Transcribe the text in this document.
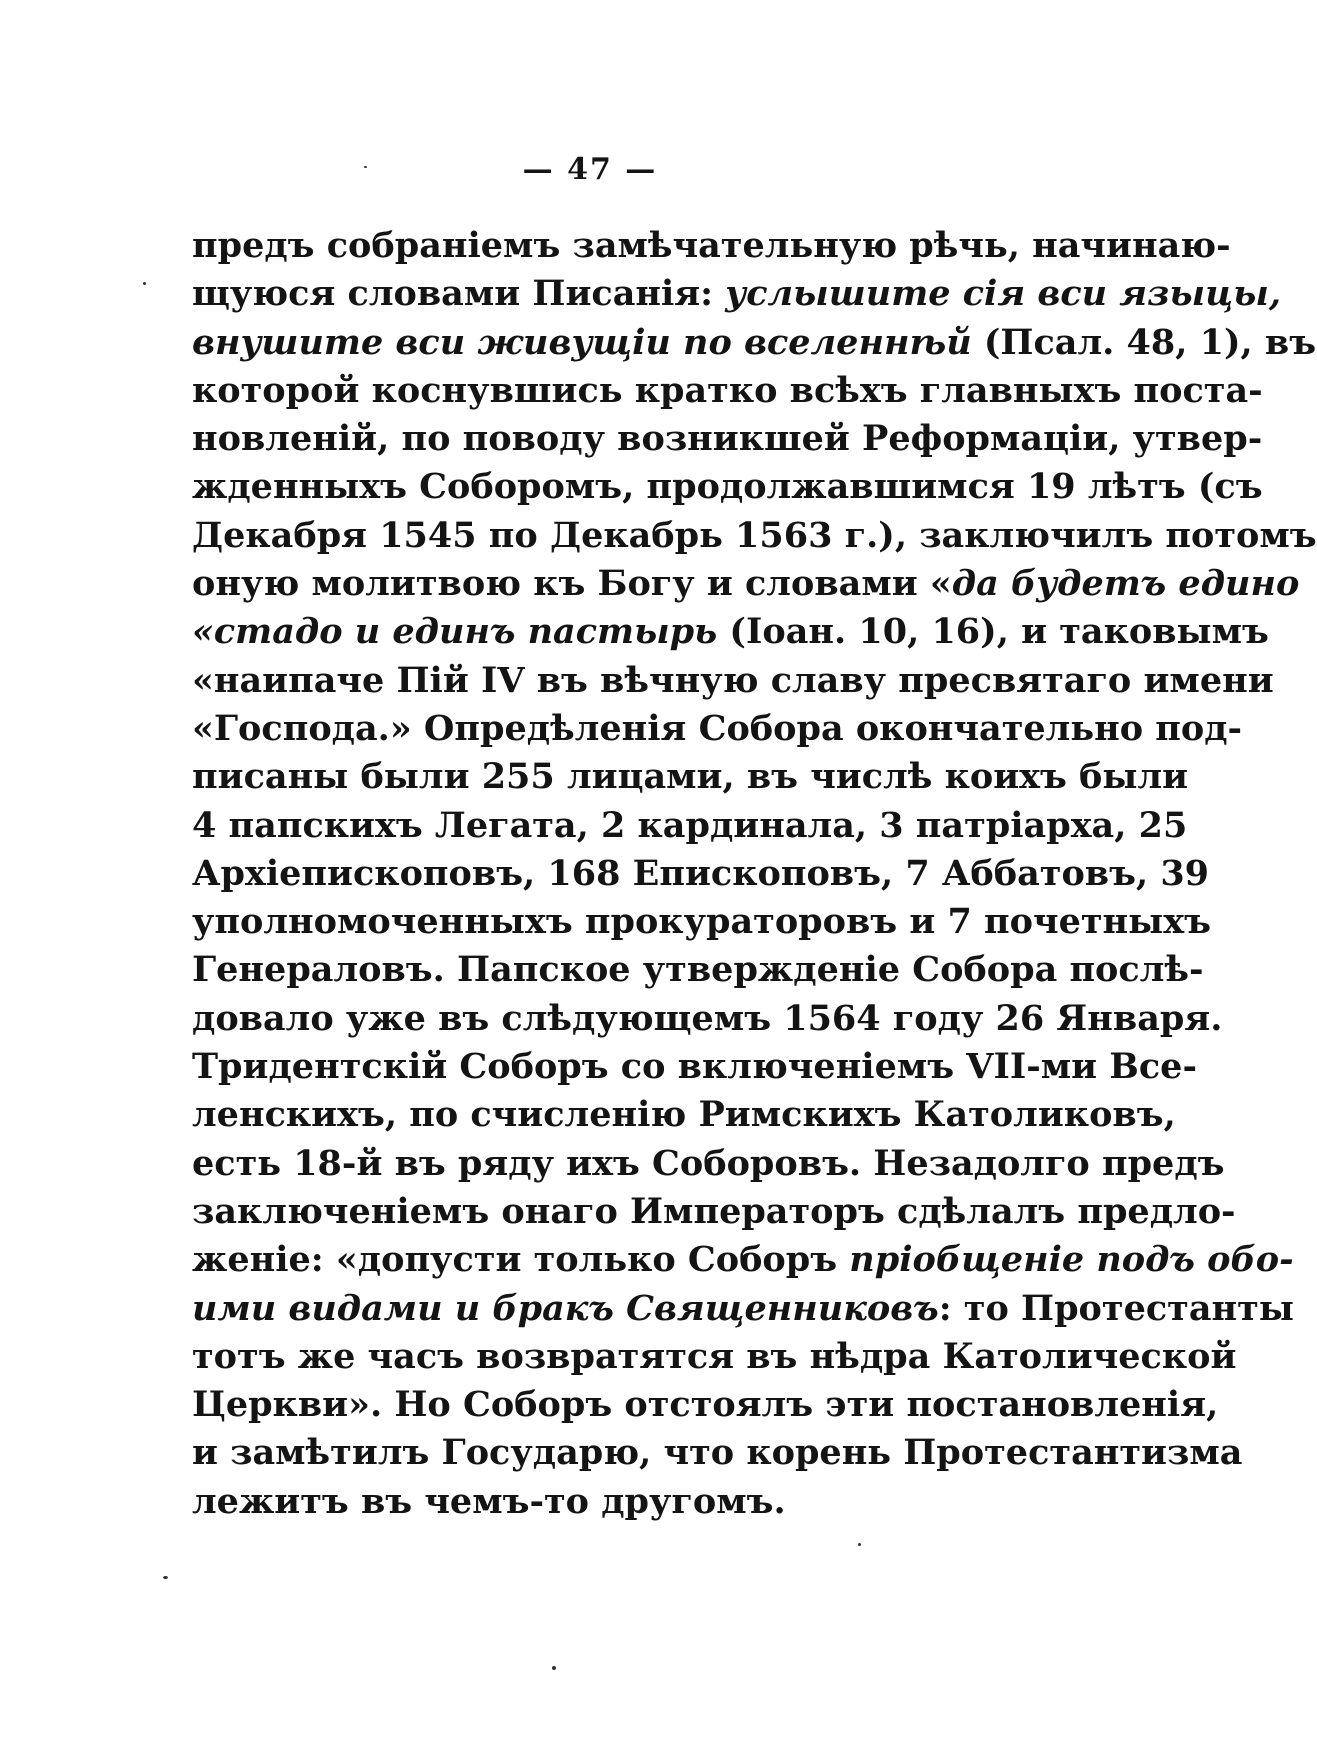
— 47 —
предъ собраніемъ замѣчательную рѣчь, начинаю-
щуюся словами Писанія: услышите сія вси языцы,
внушите вси живущіи по вселеннѣй (Псал. 48, 1), въ
которой коснувшись кратко всѣхъ главныхъ поста-
новленій, по поводу возникшей Реформаціи, утвер-
жденныхъ Соборомъ, продолжавшимся 19 лѣтъ (съ
Декабря 1545 по Декабрь 1563 г.), заключилъ потомъ
оную молитвою къ Богу и словами «да будетъ едино
«стадо и единъ пастырь (Іоан. 10, 16), и таковымъ
«наипаче Пій IV въ вѣчную славу пресвятаго имени
«Господа.» Опредѣленія Собора окончательно под-
писаны были 255 лицами, въ числѣ коихъ были
4 папскихъ Легата, 2 кардинала, 3 патріарха, 25
Архіепископовъ, 168 Епископовъ, 7 Аббатовъ, 39
уполномоченныхъ прокураторовъ и 7 почетныхъ
Генераловъ. Папское утвержденіе Собора послѣ-
довало уже въ слѣдующемъ 1564 году 26 Января.
Тридентскій Соборъ со включеніемъ VII-ми Все-
ленскихъ, по счисленію Римскихъ Католиковъ,
есть 18-й въ ряду ихъ Соборовъ. Незадолго предъ
заключеніемъ онаго Императоръ сдѣлалъ предло-
женіе: «допусти только Соборъ пріобщеніе подъ обо-
ими видами и бракъ Священниковъ: то Протестанты
тотъ же часъ возвратятся въ нѣдра Католической
Церкви». Но Соборъ отстоялъ эти постановленія,
и замѣтилъ Государю, что корень Протестантизма
лежитъ въ чемъ-то другомъ.
